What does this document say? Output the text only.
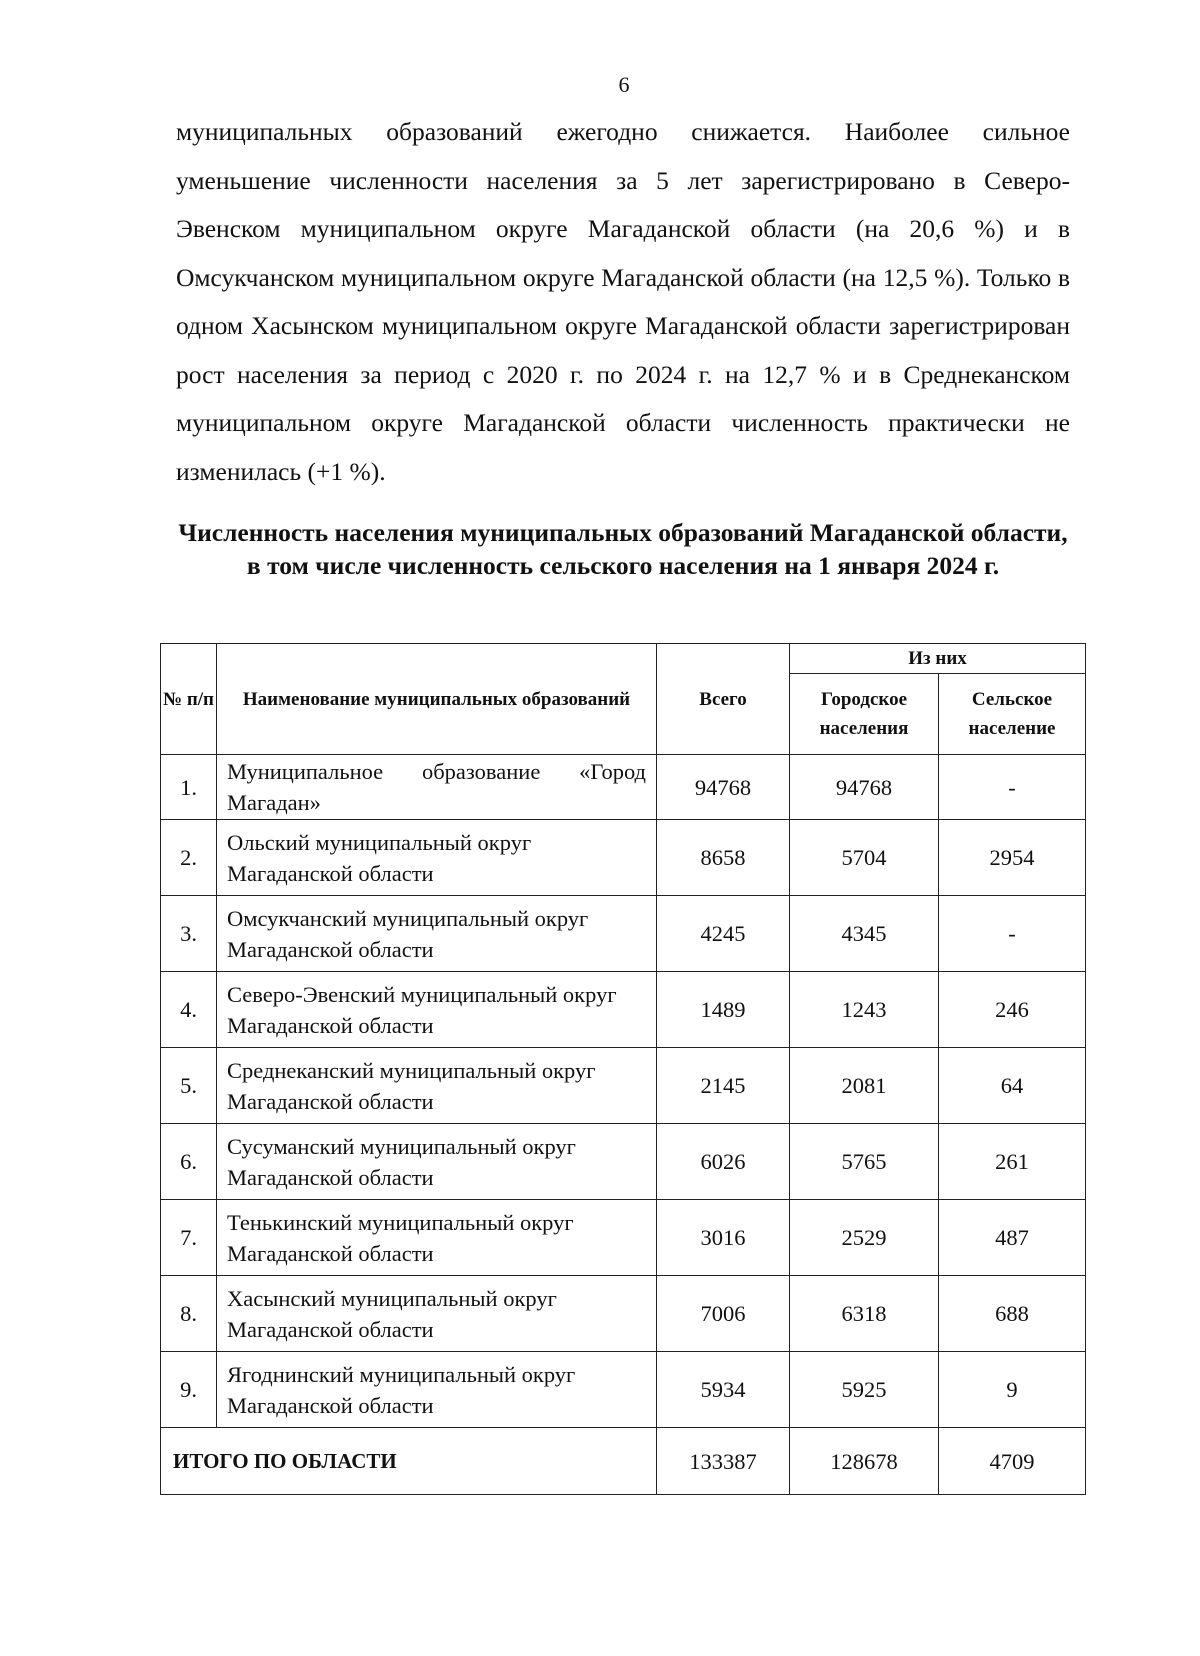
6

муниципальных образований ежегодно снижается. Наиболее сильное уменьшение численности населения за 5 лет зарегистрировано в Северо-Эвенском муниципальном округе Магаданской области (на 20,6 %) и в Омсукчанском муниципальном округе Магаданской области (на 12,5 %). Только в одном Хасынском муниципальном округе Магаданской области зарегистрирован рост населения за период с 2020 г. по 2024 г. на 12,7 % и в Среднеканском муниципальном округе Магаданской области численность практически не изменилась (+1 %).

Численность населения муниципальных образований Магаданской области, в том числе численность сельского населения на 1 января 2024 г.
№ п/п	Наименование муниципальных образований	Всего	Из них	
			Городское населения	Сельское население
1.	Муниципальное образование «Город Магадан»	94768	94768	-
2.	Ольский муниципальный округ Магаданской области	8658	5704	2954
3.	Омсукчанский муниципальный округ Магаданской области	4245	4345	-
4.	Северо-Эвенский муниципальный округ Магаданской области	1489	1243	246
5.	Среднеканский муниципальный округ Магаданской области	2145	2081	64
6.	Сусуманский муниципальный округ Магаданской области	6026	5765	261
7.	Тенькинский муниципальный округ Магаданской области	3016	2529	487
8.	Хасынский муниципальный округ Магаданской области	7006	6318	688
9.	Ягоднинский муниципальный округ Магаданской области	5934	5925	9
ИТОГО ПО ОБЛАСТИ		133387	128678	4709
